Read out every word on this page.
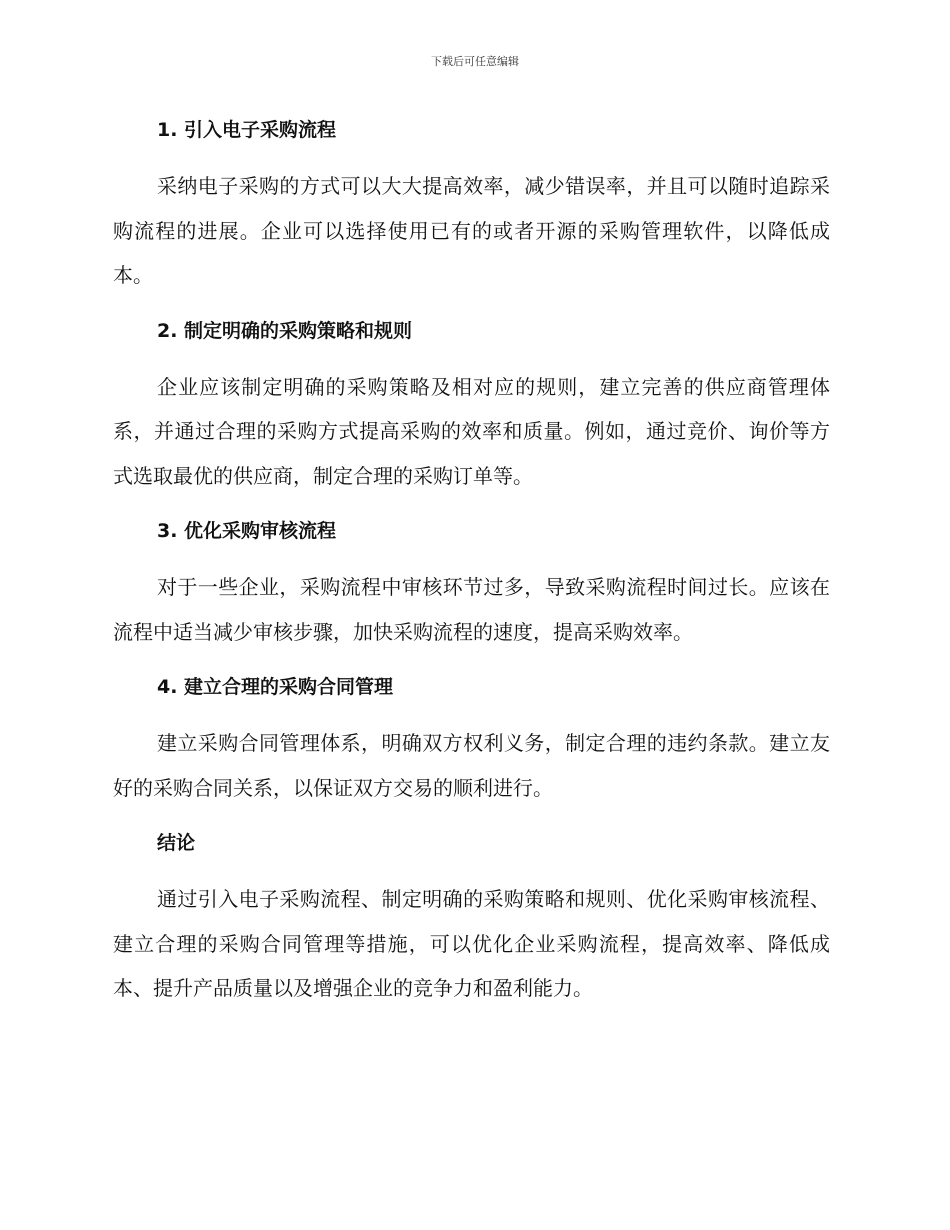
下载后可任意编辑
1. 引入电子采购流程

采纳电子采购的方式可以大大提高效率，减少错误率，并且可以随时追踪采购流程的进展。企业可以选择使用已有的或者开源的采购管理软件，以降低成本。

2. 制定明确的采购策略和规则

企业应该制定明确的采购策略及相对应的规则，建立完善的供应商管理体系，并通过合理的采购方式提高采购的效率和质量。例如，通过竞价、询价等方式选取最优的供应商，制定合理的采购订单等。

3. 优化采购审核流程

对于一些企业，采购流程中审核环节过多，导致采购流程时间过长。应该在流程中适当减少审核步骤，加快采购流程的速度，提高采购效率。

4. 建立合理的采购合同管理

建立采购合同管理体系，明确双方权利义务，制定合理的违约条款。建立友好的采购合同关系，以保证双方交易的顺利进行。

结论

通过引入电子采购流程、制定明确的采购策略和规则、优化采购审核流程、建立合理的采购合同管理等措施，可以优化企业采购流程，提高效率、降低成本、提升产品质量以及增强企业的竞争力和盈利能力。
